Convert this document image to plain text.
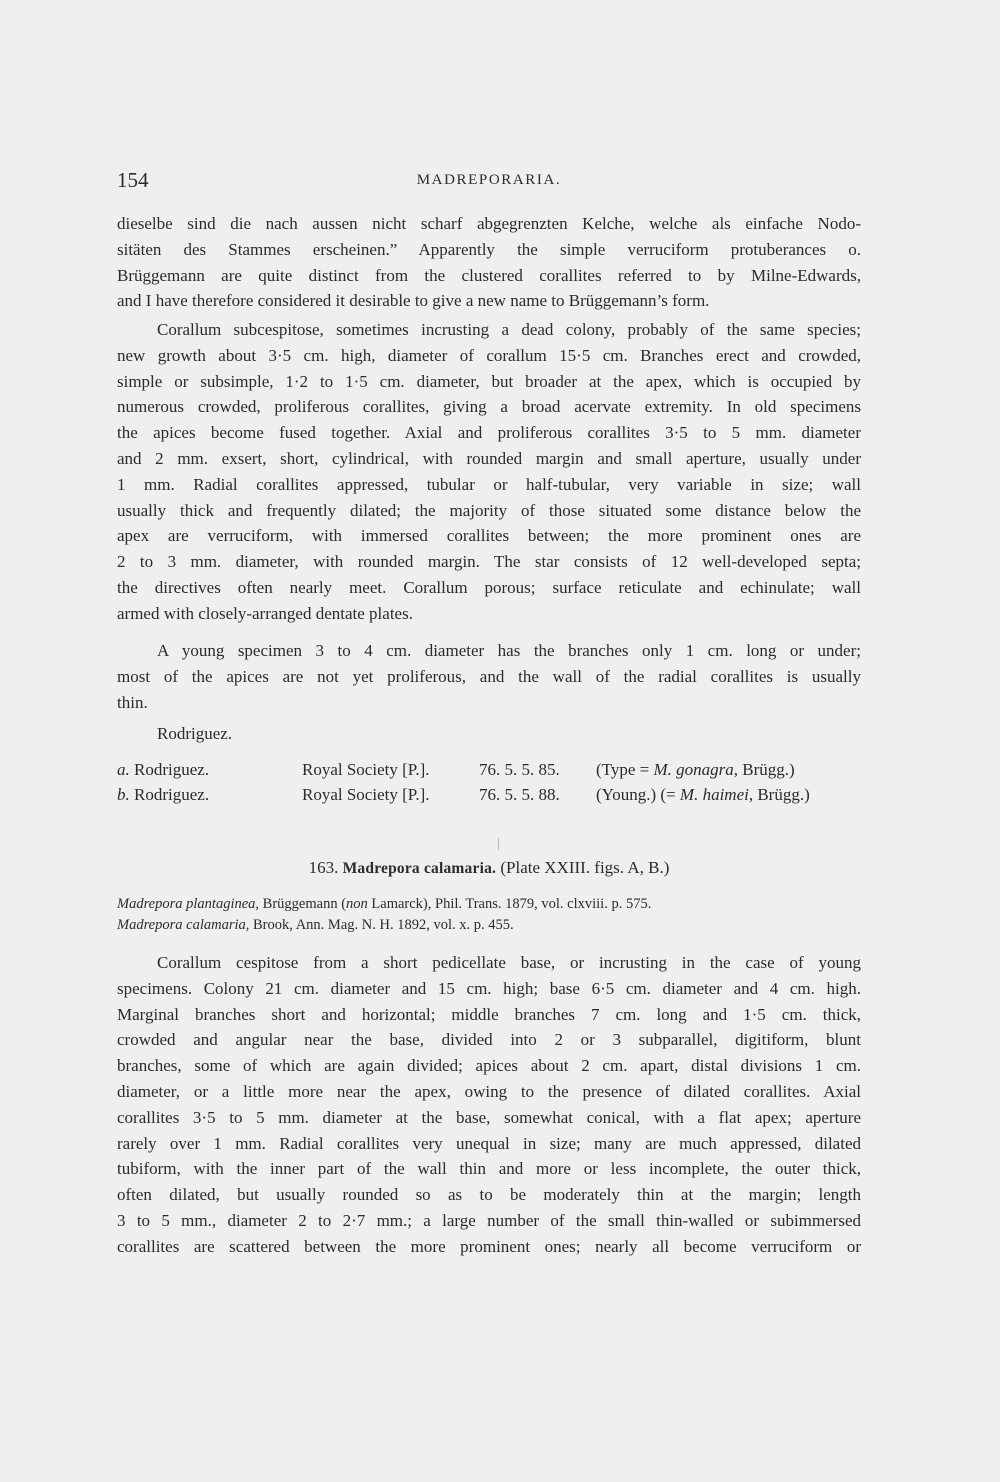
154	MADREPORARIA.
dieselbe sind die nach aussen nicht scharf abgegrenzten Kelche, welche als einfache Nodo-
sitäten des Stammes erscheinen.” Apparently the simple verruciform protuberances o.
Brüggemann are quite distinct from the clustered corallites referred to by Milne-Edwards,
and I have therefore considered it desirable to give a new name to Brüggemann’s form.
Corallum subcespitose, sometimes incrusting a dead colony, probably of the same species;
new growth about 3·5 cm. high, diameter of corallum 15·5 cm. Branches erect and crowded,
simple or subsimple, 1·2 to 1·5 cm. diameter, but broader at the apex, which is occupied by
numerous crowded, proliferous corallites, giving a broad acervate extremity. In old specimens
the apices become fused together. Axial and proliferous corallites 3·5 to 5 mm. diameter
and 2 mm. exsert, short, cylindrical, with rounded margin and small aperture, usually under
1 mm. Radial corallites appressed, tubular or half-tubular, very variable in size; wall
usually thick and frequently dilated; the majority of those situated some distance below the
apex are verruciform, with immersed corallites between; the more prominent ones are
2 to 3 mm. diameter, with rounded margin. The star consists of 12 well-developed septa;
the directives often nearly meet. Corallum porous; surface reticulate and echinulate; wall
armed with closely-arranged dentate plates.
A young specimen 3 to 4 cm. diameter has the branches only 1 cm. long or under;
most of the apices are not yet proliferous, and the wall of the radial corallites is usually
thin.
Rodriguez.
a. Rodriguez.	Royal Society [P.].	76. 5. 5. 85. (Type = M. gonagra, Brügg.)
b. Rodriguez.	Royal Society [P.].	76. 5. 5. 88. (Young.) (= M. haimei, Brügg.)
163. Madrepora calamaria. (Plate XXIII. figs. A, B.)
Madrepora plantaginea, Brüggemann (non Lamarck), Phil. Trans. 1879, vol. clxviii. p. 575.
Madrepora calamaria, Brook, Ann. Mag. N. H. 1892, vol. x. p. 455.
Corallum cespitose from a short pedicellate base, or incrusting in the case of young
specimens. Colony 21 cm. diameter and 15 cm. high; base 6·5 cm. diameter and 4 cm. high.
Marginal branches short and horizontal; middle branches 7 cm. long and 1·5 cm. thick,
crowded and angular near the base, divided into 2 or 3 subparallel, digitiform, blunt
branches, some of which are again divided; apices about 2 cm. apart, distal divisions 1 cm.
diameter, or a little more near the apex, owing to the presence of dilated corallites. Axial
corallites 3·5 to 5 mm. diameter at the base, somewhat conical, with a flat apex; aperture
rarely over 1 mm. Radial corallites very unequal in size; many are much appressed, dilated
tubiform, with the inner part of the wall thin and more or less incomplete, the outer thick,
often dilated, but usually rounded so as to be moderately thin at the margin; length
3 to 5 mm., diameter 2 to 2·7 mm.; a large number of the small thin-walled or subimmersed
corallites are scattered between the more prominent ones; nearly all become verruciform or
